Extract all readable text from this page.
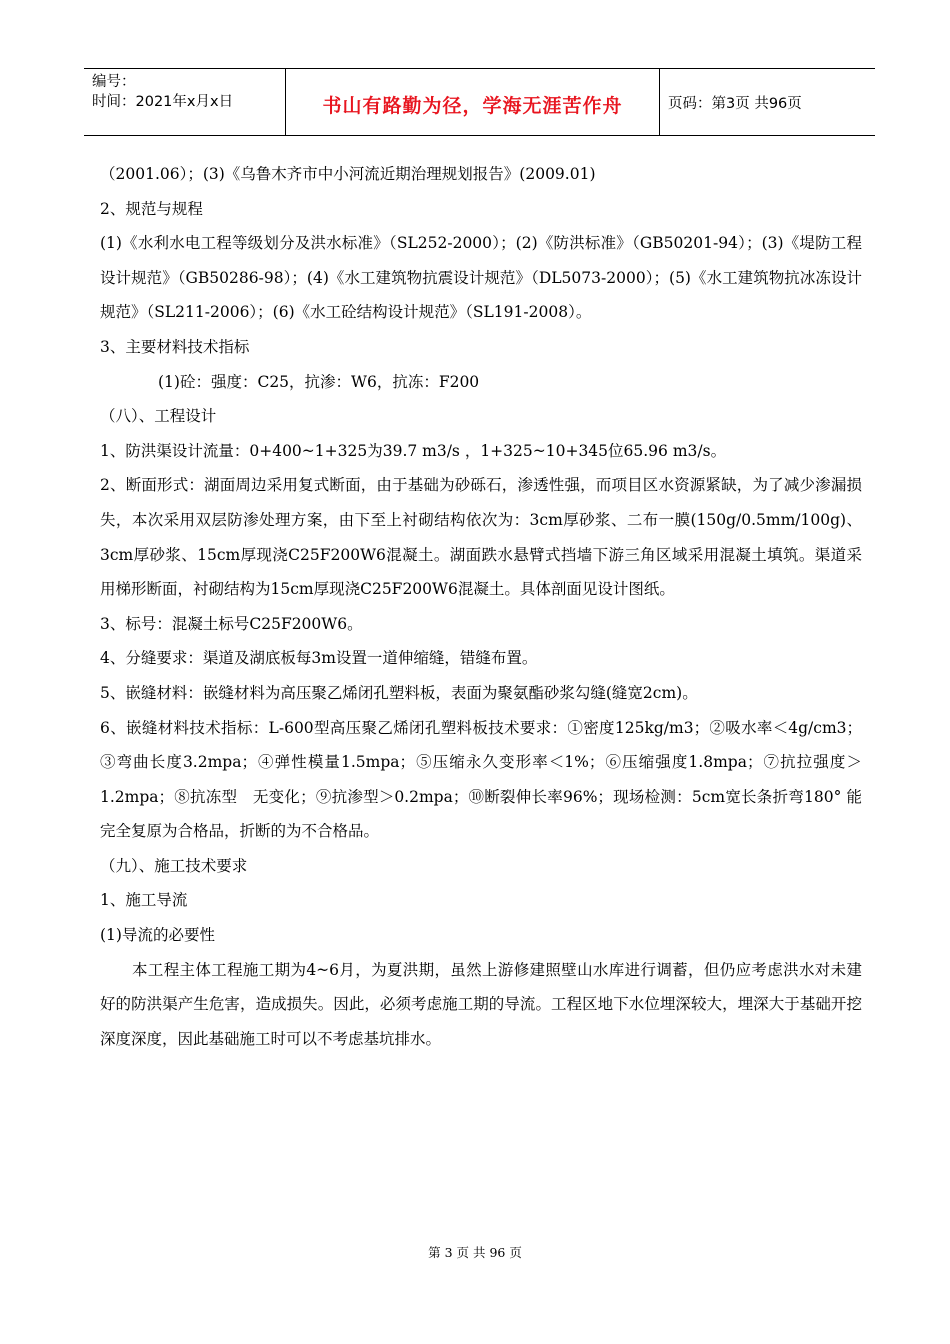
编号：
时间：2021年x月x日	书山有路勤为径，学海无涯苦作舟	页码：第3页 共96页

（2001.06）；(3)《乌鲁木齐市中小河流近期治理规划报告》(2009.01)

2、规范与规程

(1)《水利水电工程等级划分及洪水标准》（SL252-2000）；(2)《防洪标准》（GB50201-94）；(3)《堤防工程设计规范》（GB50286-98）；(4)《水工建筑物抗震设计规范》（DL5073-2000）；(5)《水工建筑物抗冰冻设计规范》（SL211-2006）；(6)《水工砼结构设计规范》（SL191-2008）。

3、主要材料技术指标

(1)砼：强度：C25，抗渗：W6，抗冻：F200

（八）、工程设计

1、防洪渠设计流量：0+400~1+325为39.7 m3/s ，1+325~10+345位65.96 m3/s。

2、断面形式：湖面周边采用复式断面，由于基础为砂砾石，渗透性强，而项目区水资源紧缺，为了减少渗漏损失，本次采用双层防渗处理方案，由下至上衬砌结构依次为：3cm厚砂浆、二布一膜(150g/0.5mm/100g)、3cm厚砂浆、15cm厚现浇C25F200W6混凝土。湖面跌水悬臂式挡墙下游三角区域采用混凝土填筑。渠道采用梯形断面，衬砌结构为15cm厚现浇C25F200W6混凝土。具体剖面见设计图纸。

3、标号：混凝土标号C25F200W6。

4、分缝要求：渠道及湖底板每3m设置一道伸缩缝，错缝布置。

5、嵌缝材料：嵌缝材料为高压聚乙烯闭孔塑料板，表面为聚氨酯砂浆勾缝(缝宽2cm)。

6、嵌缝材料技术指标：L-600型高压聚乙烯闭孔塑料板技术要求：①密度125kg/m3；②吸水率＜4g/cm3；③弯曲长度3.2mpa；④弹性模量1.5mpa；⑤压缩永久变形率＜1%；⑥压缩强度1.8mpa；⑦抗拉强度＞1.2mpa；⑧抗冻型　无变化；⑨抗渗型＞0.2mpa；⑩断裂伸长率96%；现场检测：5cm宽长条折弯180° 能完全复原为合格品，折断的为不合格品。

（九）、施工技术要求

1、施工导流

(1)导流的必要性

本工程主体工程施工期为4~6月，为夏洪期，虽然上游修建照壁山水库进行调蓄，但仍应考虑洪水对未建好的防洪渠产生危害，造成损失。因此，必须考虑施工期的导流。工程区地下水位埋深较大，埋深大于基础开挖深度深度，因此基础施工时可以不考虑基坑排水。

第 3 页 共 96 页
